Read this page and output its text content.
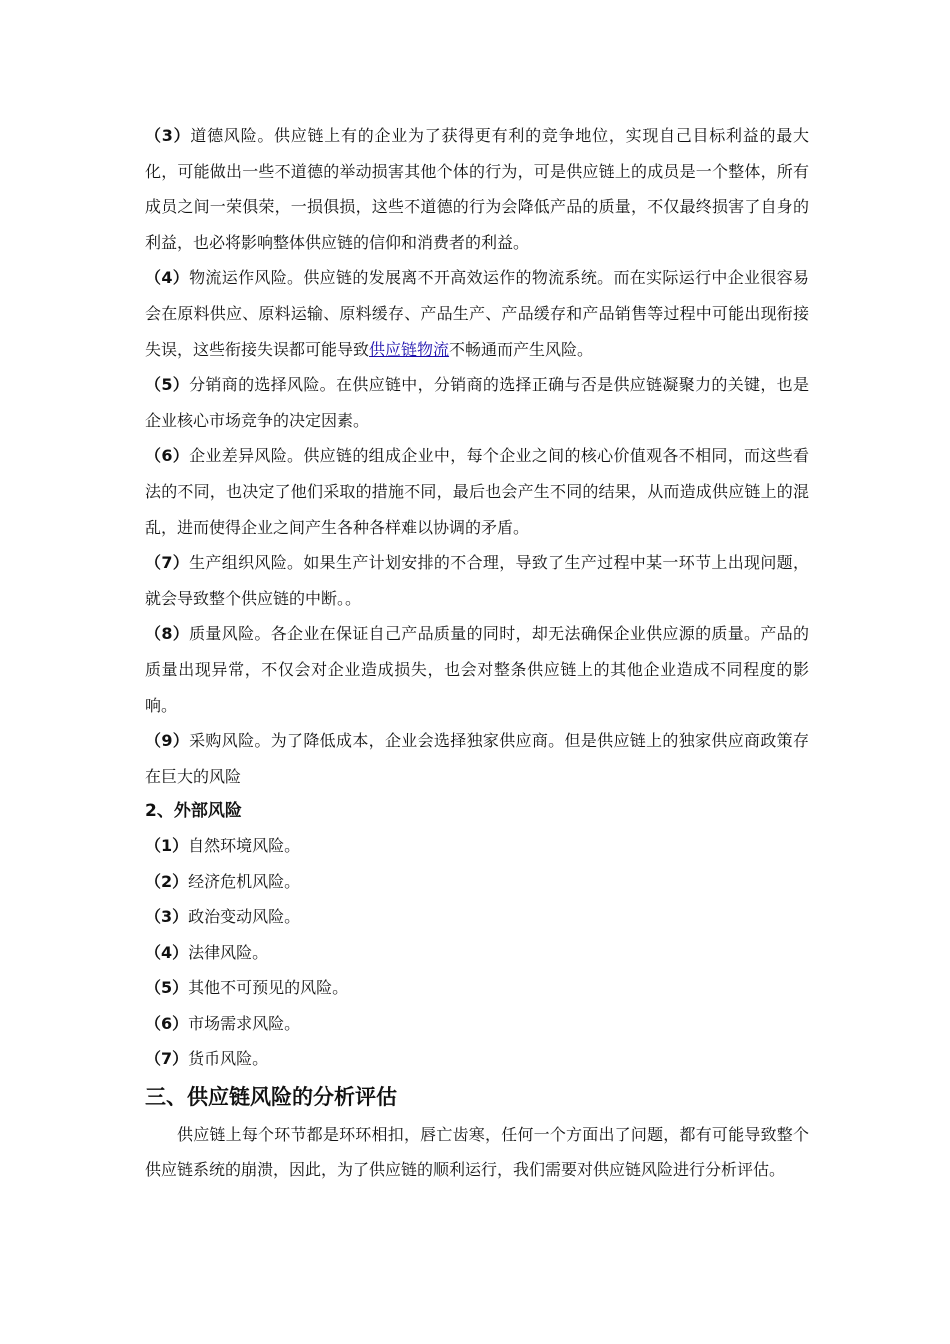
（3）道德风险。供应链上有的企业为了获得更有利的竞争地位，实现自己目标利益的最大化，可能做出一些不道德的举动损害其他个体的行为，可是供应链上的成员是一个整体，所有成员之间一荣俱荣，一损俱损，这些不道德的行为会降低产品的质量，不仅最终损害了自身的利益，也必将影响整体供应链的信仰和消费者的利益。

（4）物流运作风险。供应链的发展离不开高效运作的物流系统。而在实际运行中企业很容易会在原料供应、原料运输、原料缓存、产品生产、产品缓存和产品销售等过程中可能出现衔接失误，这些衔接失误都可能导致供应链物流不畅通而产生风险。

（5）分销商的选择风险。在供应链中，分销商的选择正确与否是供应链凝聚力的关键，也是企业核心市场竞争的决定因素。

（6）企业差异风险。供应链的组成企业中，每个企业之间的核心价值观各不相同，而这些看法的不同，也决定了他们采取的措施不同，最后也会产生不同的结果，从而造成供应链上的混乱，进而使得企业之间产生各种各样难以协调的矛盾。

（7）生产组织风险。如果生产计划安排的不合理，导致了生产过程中某一环节上出现问题，就会导致整个供应链的中断。。

（8）质量风险。各企业在保证自己产品质量的同时，却无法确保企业供应源的质量。产品的质量出现异常，不仅会对企业造成损失，也会对整条供应链上的其他企业造成不同程度的影响。

（9）采购风险。为了降低成本，企业会选择独家供应商。但是供应链上的独家供应商政策存在巨大的风险

2、外部风险

（1）自然环境风险。

（2）经济危机风险。

（3）政治变动风险。

（4）法律风险。

（5）其他不可预见的风险。

（6）市场需求风险。

（7）货币风险。

三、供应链风险的分析评估

供应链上每个环节都是环环相扣，唇亡齿寒，任何一个方面出了问题，都有可能导致整个供应链系统的崩溃，因此，为了供应链的顺利运行，我们需要对供应链风险进行分析评估。
